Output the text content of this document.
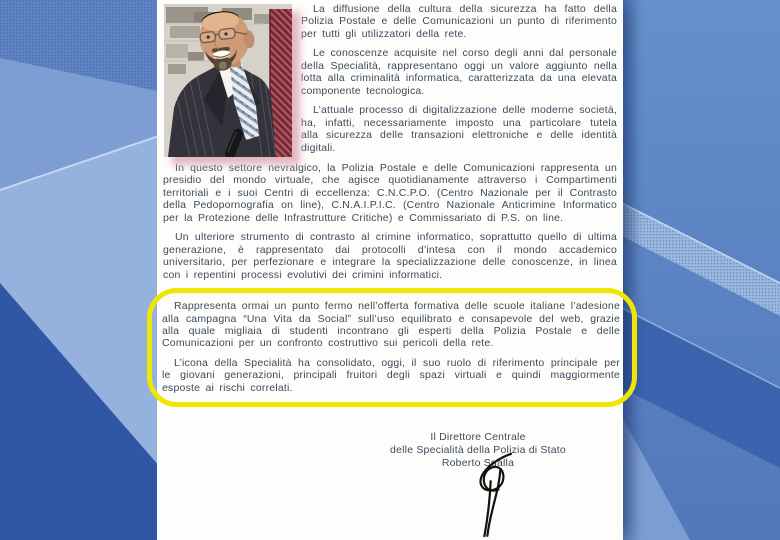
La diffusione della cultura della sicurezza ha fatto della Polizia Postale e delle Comunicazioni un punto di riferimento per tutti gli utilizzatori della rete.

Le conoscenze acquisite nel corso degli anni dal personale della Specialità, rappresentano oggi un valore aggiunto nella lotta alla criminalità informatica, caratterizzata da una elevata componente tecnologica.

L’attuale processo di digitalizzazione delle moderne società, ha, infatti, necessariamente imposto una particolare tutela alla sicurezza delle transazioni elettroniche e delle identità digitali.

In questo settore nevralgico, la Polizia Postale e delle Comunicazioni rappresenta un presidio del mondo virtuale, che agisce quotidianamente attraverso i Compartimenti territoriali e i suoi Centri di eccellenza: C.N.C.P.O. (Centro Nazionale per il Contrasto della Pedopornografia on line), C.N.A.I.P.I.C. (Centro Nazionale Anticrimine Informatico per la Protezione delle Infrastrutture Critiche) e Commissariato di P.S. on line.

Un ulteriore strumento di contrasto al crimine informatico, soprattutto quello di ultima generazione, è rappresentato dai protocolli d’intesa con il mondo accademico universitario, per perfezionare e integrare la specializzazione delle conoscenze, in linea con i repentini processi evolutivi dei crimini informatici.

Rappresenta ormai un punto fermo nell’offerta formativa delle scuole italiane l’adesione alla campagna “Una Vita da Social” sull’uso equilibrato e consapevole del web, grazie alla quale migliaia di studenti incontrano gli esperti della Polizia Postale e delle Comunicazioni per un confronto costruttivo sui pericoli della rete.

L’icona della Specialità ha consolidato, oggi, il suo ruolo di riferimento principale per le giovani generazioni, principali fruitori degli spazi virtuali e quindi maggiormente esposte ai rischi correlati.

Il Direttore Centrale
delle Specialità della Polizia di Stato
Roberto Sgalla
